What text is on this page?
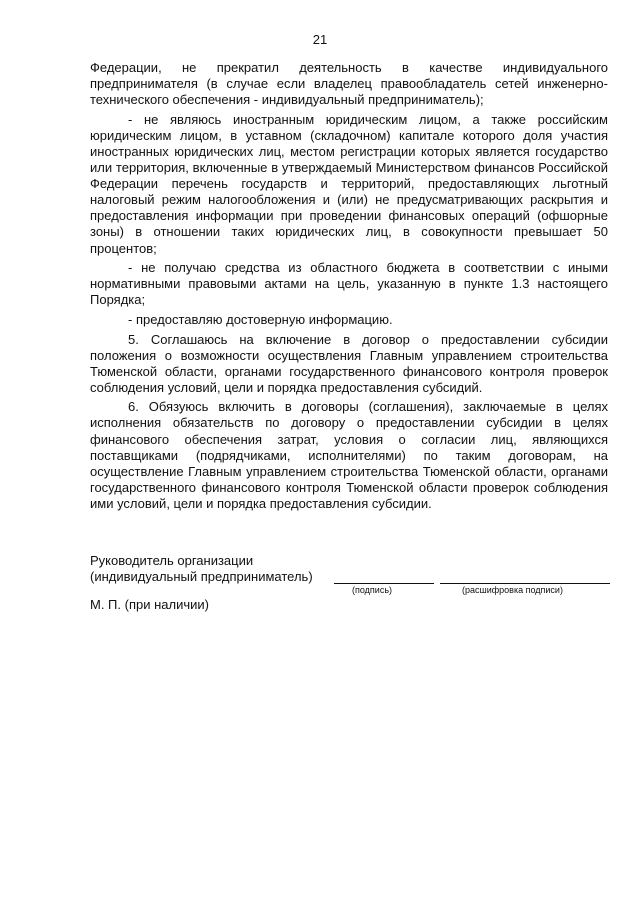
21

Федерации, не прекратил деятельность в качестве индивидуального предпринимателя (в случае если владелец правообладатель сетей инженерно-технического обеспечения - индивидуальный предприниматель);

- не являюсь иностранным юридическим лицом, а также российским юридическим лицом, в уставном (складочном) капитале которого доля участия иностранных юридических лиц, местом регистрации которых является государство или территория, включенные в утверждаемый Министерством финансов Российской Федерации перечень государств и территорий, предоставляющих льготный налоговый режим налогообложения и (или) не предусматривающих раскрытия и предоставления информации при проведении финансовых операций (офшорные зоны) в отношении таких юридических лиц, в совокупности превышает 50 процентов;

- не получаю средства из областного бюджета в соответствии с иными нормативными правовыми актами на цель, указанную в пункте 1.3 настоящего Порядка;

- предоставляю достоверную информацию.

5. Соглашаюсь на включение в договор о предоставлении субсидии положения о возможности осуществления Главным управлением строительства Тюменской области, органами государственного финансового контроля проверок соблюдения условий, цели и порядка предоставления субсидий.

6. Обязуюсь включить в договоры (соглашения), заключаемые в целях исполнения обязательств по договору о предоставлении субсидии в целях финансового обеспечения затрат, условия о согласии лиц, являющихся поставщиками (подрядчиками, исполнителями) по таким договорам, на осуществление Главным управлением строительства Тюменской области, органами государственного финансового контроля Тюменской области проверок соблюдения ими условий, цели и порядка предоставления субсидии.

Руководитель организации
(индивидуальный предприниматель)
(подпись)	(расшифровка подписи)
М. П. (при наличии)
